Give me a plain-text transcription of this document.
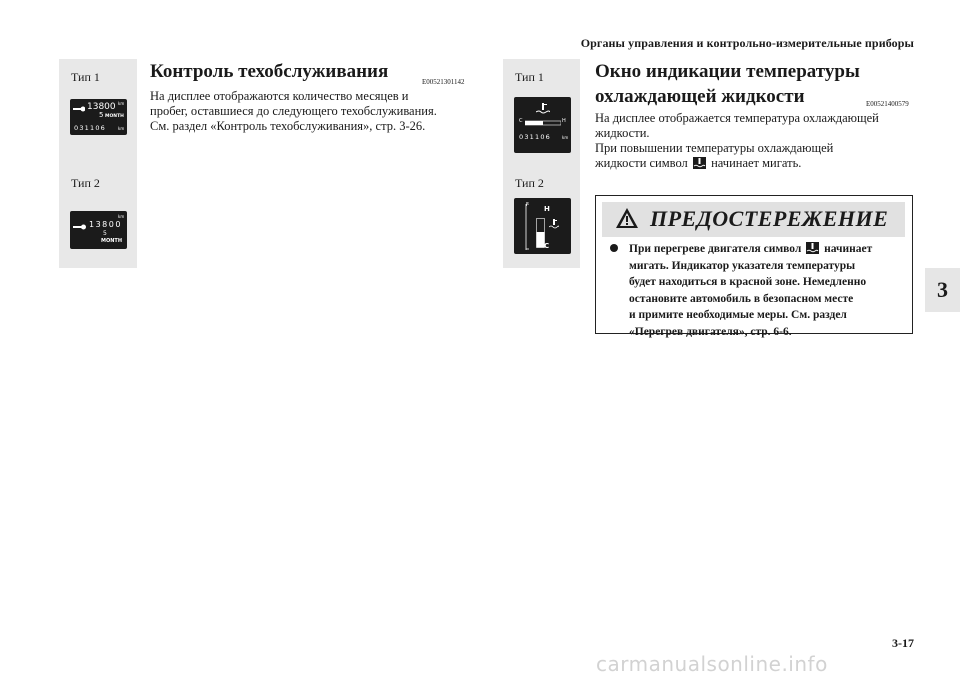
Органы управления и контрольно-измерительные приборы
3
Тип 1
13800 km
5 MONTH
031106	km
Тип 2
km
13800
5
MONTH
Контроль техобслуживания	E00521301142
На дисплее отображаются количество месяцев и
пробег, оставшиеся до следующего техобслуживания.
См. раздел «Контроль техобслуживания», стр. 3-26.
Тип 1
C	H
031106	km
Тип 2
F H
C
Окно индикации температуры
охлаждающей жидкости	E00521400579
На дисплее отображается температура охлаждающей
жидкости.
При повышении температуры охлаждающей
жидкости символ начинает мигать.
ПРЕДОСТЕРЕЖЕНИЕ
При перегреве двигателя символ начинает
мигать. Индикатор указателя температуры
будет находиться в красной зоне. Немедленно
остановите автомобиль в безопасном месте
и примите необходимые меры. См. раздел
«Перегрев двигателя», стр. 6-6.
3-17
carmanualsonline.info
